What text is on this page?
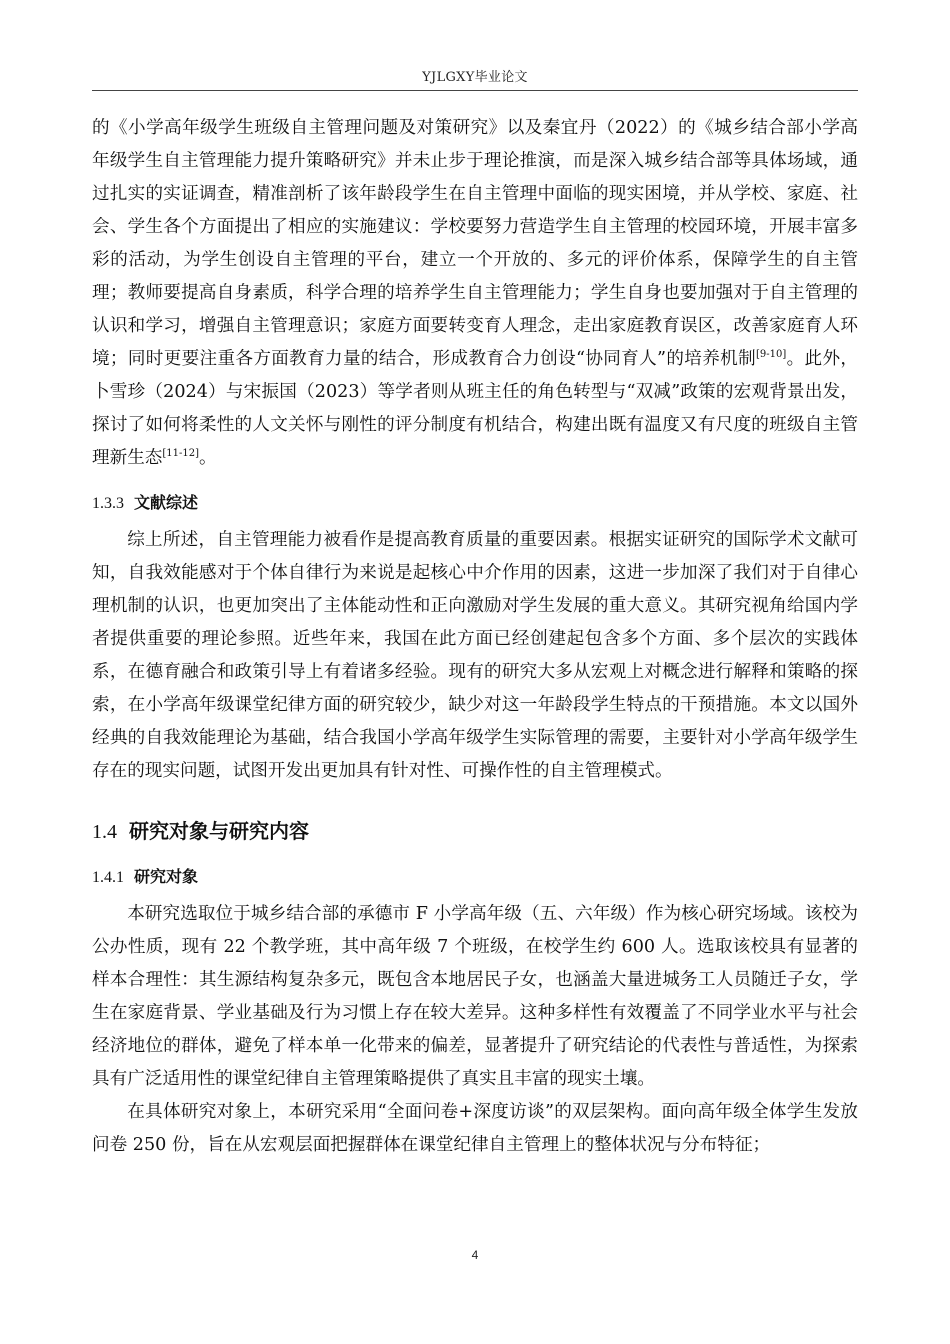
YJLGXY毕业论文

的《小学高年级学生班级自主管理问题及对策研究》以及秦宜丹（2022）的《城乡结合部小学高年级学生自主管理能力提升策略研究》并未止步于理论推演，而是深入城乡结合部等具体场域，通过扎实的实证调查，精准剖析了该年龄段学生在自主管理中面临的现实困境，并从学校、家庭、社会、学生各个方面提出了相应的实施建议：学校要努力营造学生自主管理的校园环境，开展丰富多彩的活动，为学生创设自主管理的平台，建立一个开放的、多元的评价体系，保障学生的自主管理；教师要提高自身素质，科学合理的培养学生自主管理能力；学生自身也要加强对于自主管理的认识和学习，增强自主管理意识；家庭方面要转变育人理念，走出家庭教育误区，改善家庭育人环境；同时更要注重各方面教育力量的结合，形成教育合力创设“协同育人”的培养机制[9-10]。此外，卜雪珍（2024）与宋振国（2023）等学者则从班主任的角色转型与“双减”政策的宏观背景出发，探讨了如何将柔性的人文关怀与刚性的评分制度有机结合，构建出既有温度又有尺度的班级自主管理新生态[11-12]。

1.3.3 文献综述

综上所述，自主管理能力被看作是提高教育质量的重要因素。根据实证研究的国际学术文献可知，自我效能感对于个体自律行为来说是起核心中介作用的因素，这进一步加深了我们对于自律心理机制的认识，也更加突出了主体能动性和正向激励对学生发展的重大意义。其研究视角给国内学者提供重要的理论参照。近些年来，我国在此方面已经创建起包含多个方面、多个层次的实践体系，在德育融合和政策引导上有着诸多经验。现有的研究大多从宏观上对概念进行解释和策略的探索，在小学高年级课堂纪律方面的研究较少，缺少对这一年龄段学生特点的干预措施。本文以国外经典的自我效能理论为基础，结合我国小学高年级学生实际管理的需要，主要针对小学高年级学生存在的现实问题，试图开发出更加具有针对性、可操作性的自主管理模式。

1.4 研究对象与研究内容
1.4.1 研究对象

本研究选取位于城乡结合部的承德市 F 小学高年级（五、六年级）作为核心研究场域。该校为公办性质，现有 22 个教学班，其中高年级 7 个班级，在校学生约 600 人。选取该校具有显著的样本合理性：其生源结构复杂多元，既包含本地居民子女，也涵盖大量进城务工人员随迁子女，学生在家庭背景、学业基础及行为习惯上存在较大差异。这种多样性有效覆盖了不同学业水平与社会经济地位的群体，避免了样本单一化带来的偏差，显著提升了研究结论的代表性与普适性，为探索具有广泛适用性的课堂纪律自主管理策略提供了真实且丰富的现实土壤。

在具体研究对象上，本研究采用“全面问卷+深度访谈”的双层架构。面向高年级全体学生发放问卷 250 份，旨在从宏观层面把握群体在课堂纪律自主管理上的整体状况与分布特征；

4
